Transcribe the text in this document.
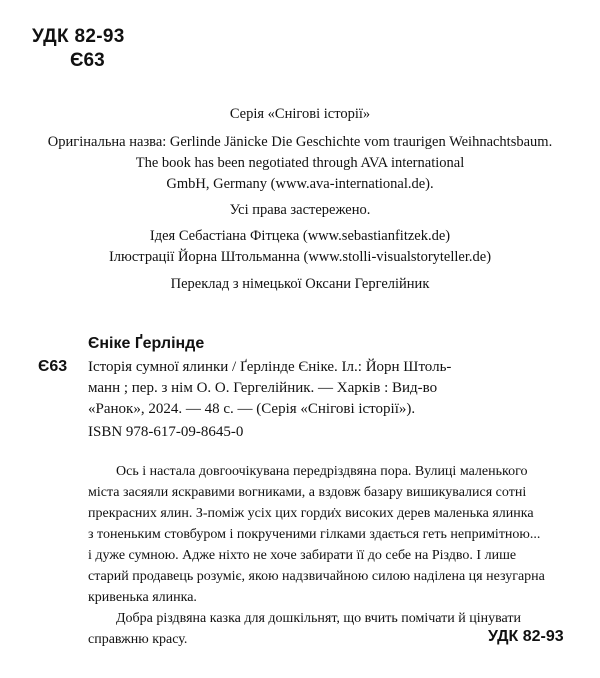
УДК 82-93
Є63
Серія «Снігові історії»
Оригінальна назва: Gerlinde Jänicke Die Geschichte vom traurigen Weihnachtsbaum.
The book has been negotiated through AVA international
GmbH, Germany (www.ava-international.de).
Усі права застережено.
Ідея Себастіана Фітцека (www.sebastianfitzek.de)
Ілюстрації Йорна Штольманна (www.stolli-visualstoryteller.de)
Переклад з німецької Оксани Гергелійник
Єніке Ґерлінде
Є63 Історія сумної ялинки / Ґерлінде Єніке. Іл.: Йорн Штоль-
манн ; пер. з нім О. О. Гергелійник. — Харків : Вид-во
«Ранок», 2024. — 48 с. — (Серія «Снігові історії»).
ISBN 978-617-09-8645-0
Ось і настала довгоочікувана передріздвяна пора. Вулиці маленького
міста засяяли яскравими вогниками, а вздовж базару вишикувалися сотні
прекрасних ялин. З-поміж усіх цих горди̇х високих дерев маленька ялинка
з тоненьким стовбуром і покрученими гілками здається геть непримітною...
і дуже сумною. Адже ніхто не хоче забирати її до себе на Різдво. І лише
старий продавець розуміє, якою надзвичайною силою наділена ця незугарна
кривенька ялинка.
Добра різдвяна казка для дошкільнят, що вчить помічати й цінувати
справжню красу.	УДК 82-93
